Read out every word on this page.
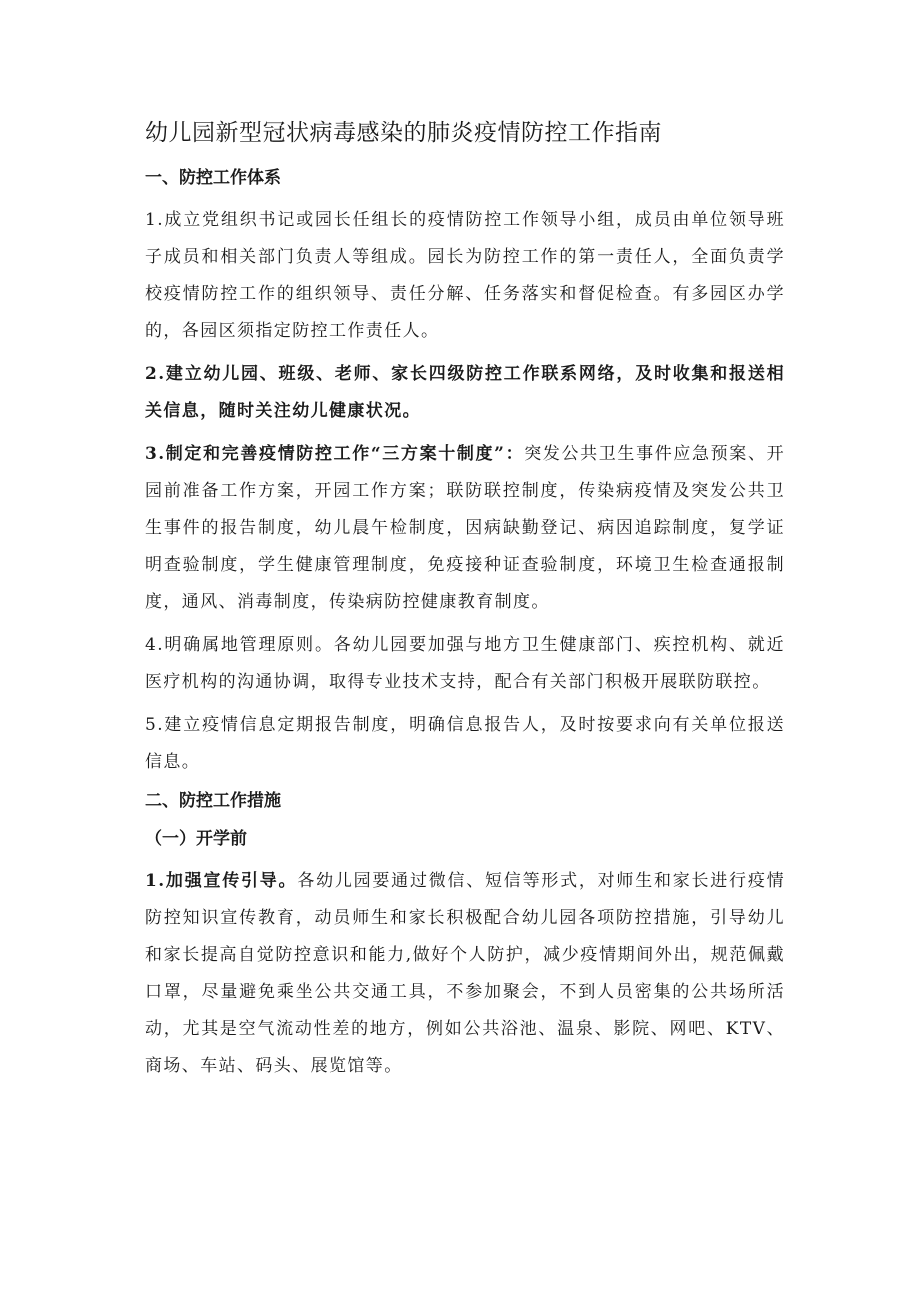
幼儿园新型冠状病毒感染的肺炎疫情防控工作指南
一、防控工作体系

1.成立党组织书记或园长任组长的疫情防控工作领导小组，成员由单位领导班子成员和相关部门负责人等组成。园长为防控工作的第一责任人，全面负责学校疫情防控工作的组织领导、责任分解、任务落实和督促检查。有多园区办学的，各园区须指定防控工作责任人。

2.建立幼儿园、班级、老师、家长四级防控工作联系网络，及时收集和报送相关信息，随时关注幼儿健康状况。

3.制定和完善疫情防控工作“三方案十制度”：突发公共卫生事件应急预案、开园前准备工作方案，开园工作方案；联防联控制度，传染病疫情及突发公共卫生事件的报告制度，幼儿晨午检制度，因病缺勤登记、病因追踪制度，复学证明查验制度，学生健康管理制度，免疫接种证查验制度，环境卫生检查通报制度，通风、消毒制度，传染病防控健康教育制度。

4.明确属地管理原则。各幼儿园要加强与地方卫生健康部门、疾控机构、就近医疗机构的沟通协调，取得专业技术支持，配合有关部门积极开展联防联控。

5.建立疫情信息定期报告制度，明确信息报告人，及时按要求向有关单位报送信息。

二、防控工作措施
（一）开学前

1.加强宣传引导。各幼儿园要通过微信、短信等形式，对师生和家长进行疫情防控知识宣传教育，动员师生和家长积极配合幼儿园各项防控措施，引导幼儿和家长提高自觉防控意识和能力,做好个人防护，减少疫情期间外出，规范佩戴口罩，尽量避免乘坐公共交通工具，不参加聚会，不到人员密集的公共场所活动，尤其是空气流动性差的地方，例如公共浴池、温泉、影院、网吧、KTV、商场、车站、码头、展览馆等。
